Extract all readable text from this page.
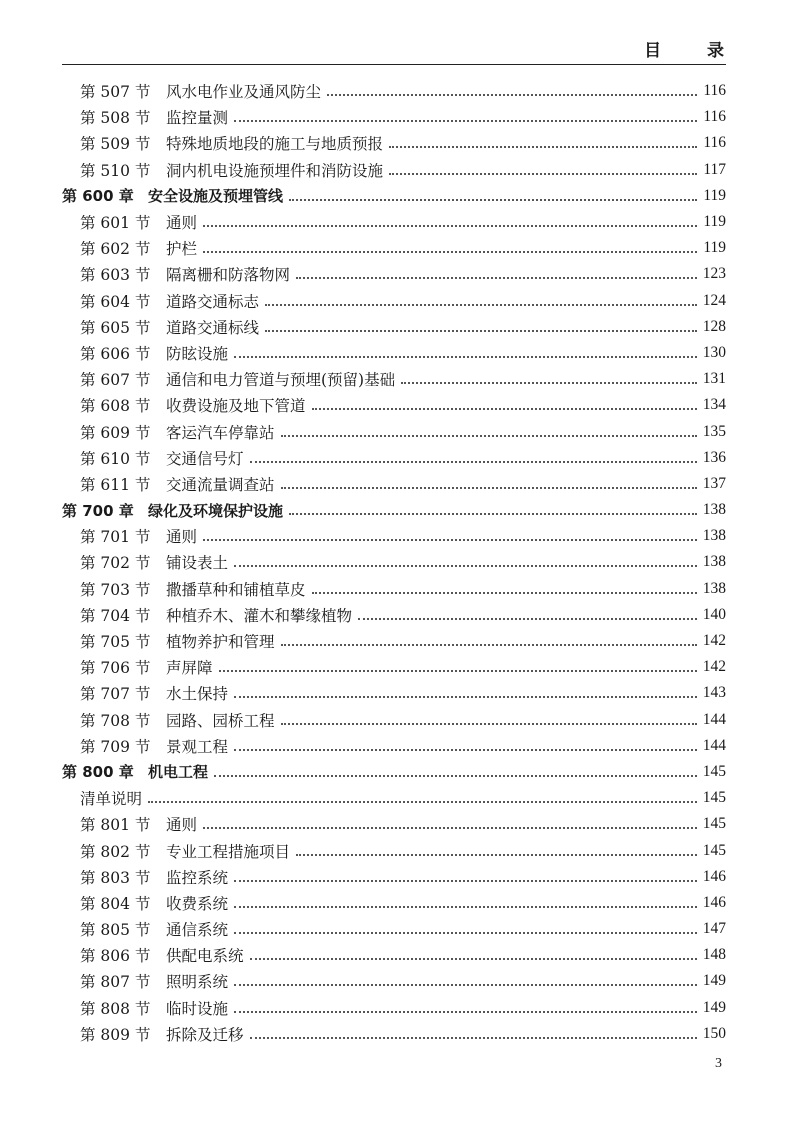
目 录
第 507 节	风水电作业及通风防尘	116
第 508 节	监控量测	116
第 509 节	特殊地质地段的施工与地质预报	116
第 510 节	洞内机电设施预埋件和消防设施	117
第 600 章 安全设施及预埋管线	119
第 601 节	通则	119
第 602 节	护栏	119
第 603 节	隔离栅和防落物网	123
第 604 节	道路交通标志	124
第 605 节	道路交通标线	128
第 606 节	防眩设施	130
第 607 节	通信和电力管道与预埋(预留)基础	131
第 608 节	收费设施及地下管道	134
第 609 节	客运汽车停靠站	135
第 610 节	交通信号灯	136
第 611 节	交通流量调查站	137
第 700 章 绿化及环境保护设施	138
第 701 节	通则	138
第 702 节	铺设表土	138
第 703 节	撒播草种和铺植草皮	138
第 704 节	种植乔木、灌木和攀缘植物	140
第 705 节	植物养护和管理	142
第 706 节	声屏障	142
第 707 节	水土保持	143
第 708 节	园路、园桥工程	144
第 709 节	景观工程	144
第 800 章 机电工程	145
清单说明	145
第 801 节	通则	145
第 802 节	专业工程措施项目	145
第 803 节	监控系统	146
第 804 节	收费系统	146
第 805 节	通信系统	147
第 806 节	供配电系统	148
第 807 节	照明系统	149
第 808 节	临时设施	149
第 809 节	拆除及迁移	150
3
